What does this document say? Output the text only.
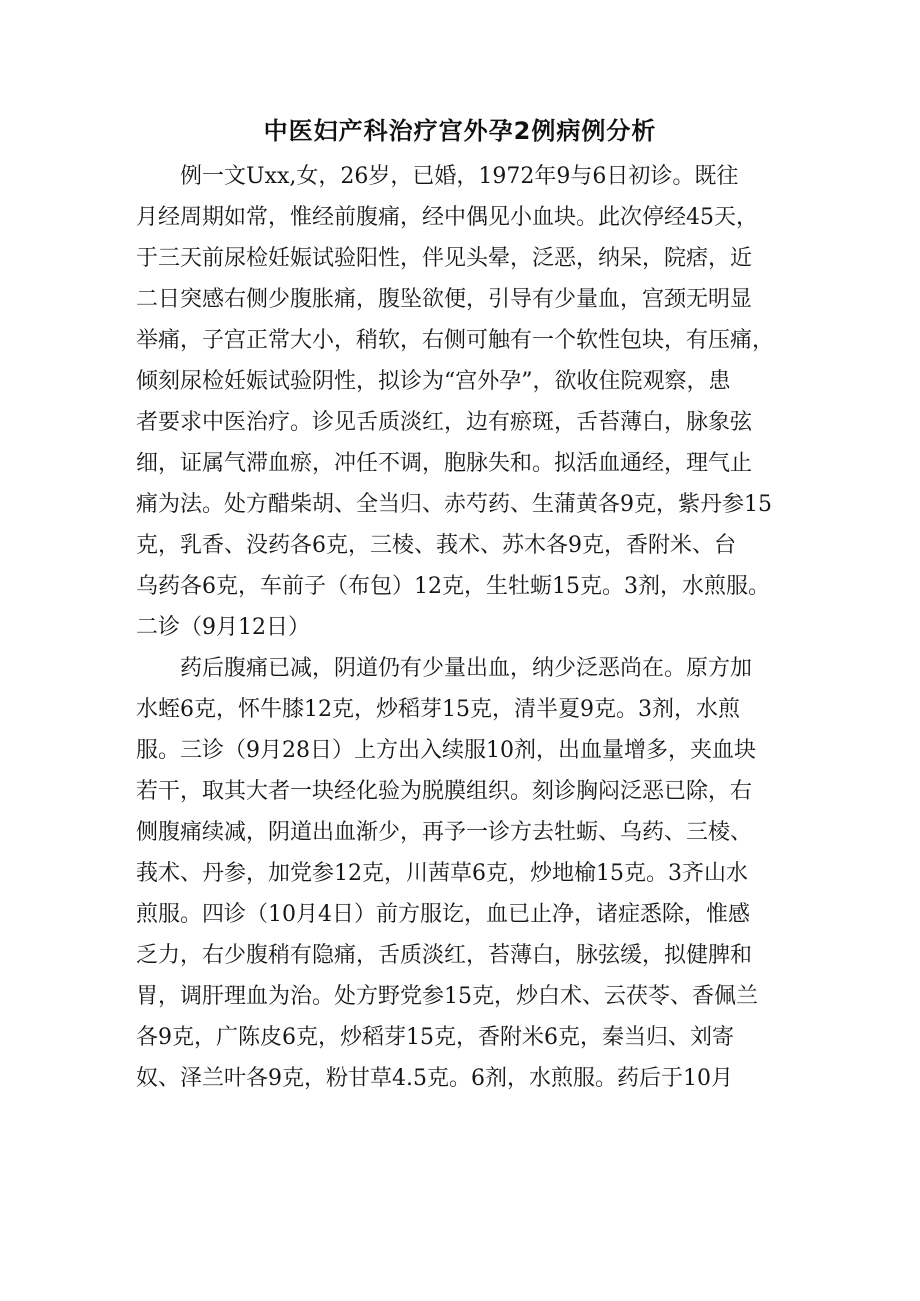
中医妇产科治疗宫外孕2例病例分析
　　例一文Uxx,女，26岁，已婚，1972年9与6日初诊。既往
月经周期如常，惟经前腹痛，经中偶见小血块。此次停经45天，
于三天前尿检妊娠试验阳性，伴见头晕，泛恶，纳呆，院痞，近
二日突感右侧少腹胀痛，腹坠欲便，引导有少量血，宫颈无明显
举痛，子宫正常大小，稍软，右侧可触有一个软性包块，有压痛，
倾刻尿检妊娠试验阴性，拟诊为“宫外孕”，欲收住院观察，患
者要求中医治疗。诊见舌质淡红，边有瘀斑，舌苔薄白，脉象弦
细，证属气滞血瘀，冲任不调，胞脉失和。拟活血通经，理气止
痛为法。处方醋柴胡、全当归、赤芍药、生蒲黄各9克，紫丹参15
克，乳香、没药各6克，三棱、莪术、苏木各9克，香附米、台
乌药各6克，车前子（布包）12克，生牡蛎15克。3剂，水煎服。
二诊（9月12日）
　　药后腹痛已减，阴道仍有少量出血，纳少泛恶尚在。原方加
水蛭6克，怀牛膝12克，炒稻芽15克，清半夏9克。3剂，水煎
服。三诊（9月28日）上方出入续服10剂，出血量增多，夹血块
若干，取其大者一块经化验为脱膜组织。刻诊胸闷泛恶已除，右
侧腹痛续减，阴道出血渐少，再予一诊方去牡蛎、乌药、三棱、
莪术、丹参，加党参12克，川茜草6克，炒地榆15克。3齐山水
煎服。四诊（10月4日）前方服讫，血已止净，诸症悉除，惟感
乏力，右少腹稍有隐痛，舌质淡红，苔薄白，脉弦缓，拟健脾和
胃，调肝理血为治。处方野党参15克，炒白术、云茯苓、香佩兰
各9克，广陈皮6克，炒稻芽15克，香附米6克，秦当归、刘寄
奴、泽兰叶各9克，粉甘草4.5克。6剂，水煎服。药后于10月
